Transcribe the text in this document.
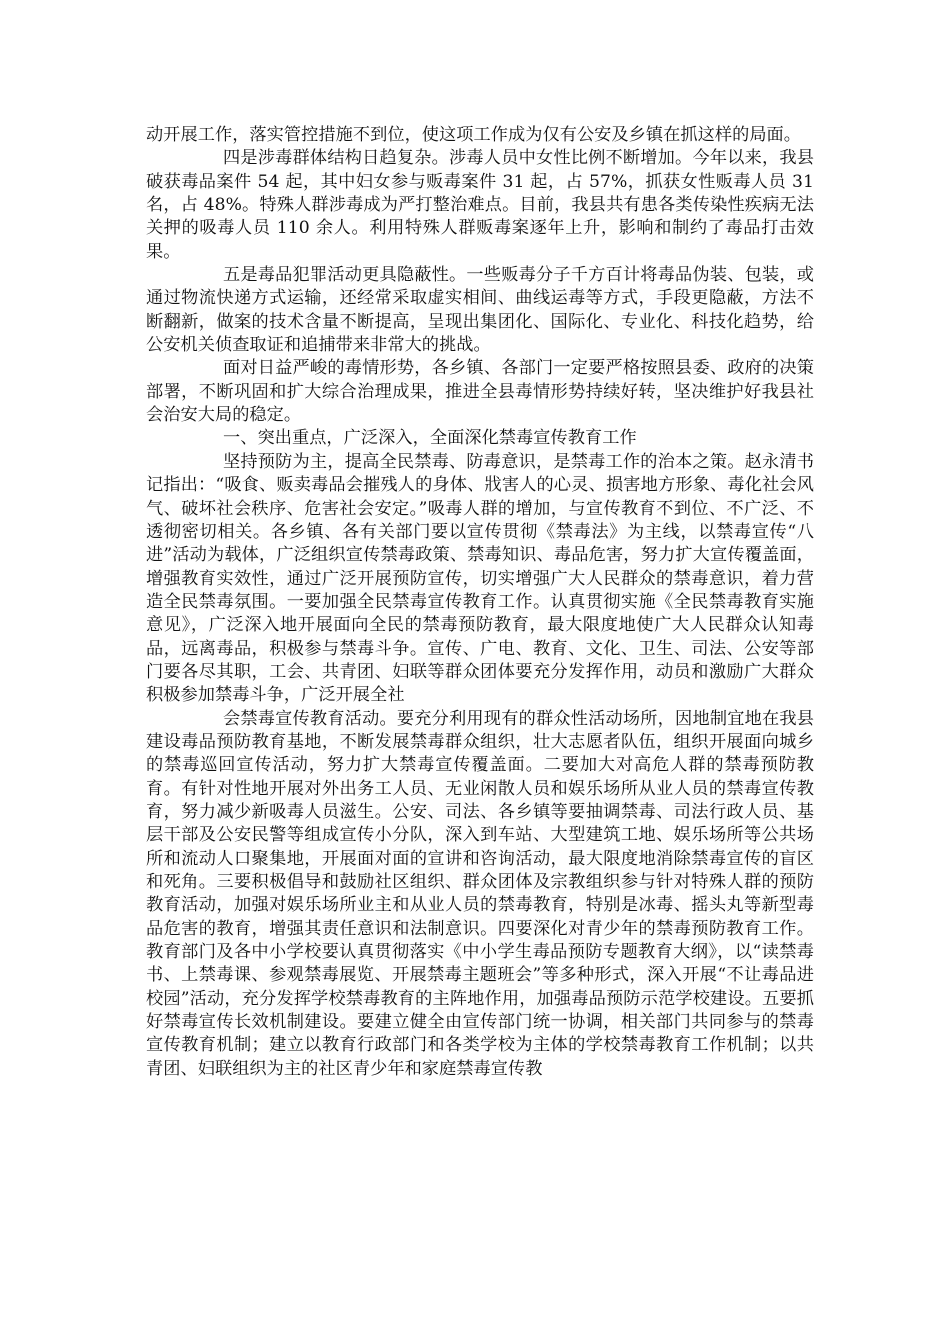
动开展工作，落实管控措施不到位，使这项工作成为仅有公安及乡镇在抓这样的局面。

四是涉毒群体结构日趋复杂。涉毒人员中女性比例不断增加。今年以来，我县破获毒品案件 54 起，其中妇女参与贩毒案件 31 起，占 57%，抓获女性贩毒人员 31 名，占 48%。特殊人群涉毒成为严打整治难点。目前，我县共有患各类传染性疾病无法关押的吸毒人员 110 余人。利用特殊人群贩毒案逐年上升，影响和制约了毒品打击效果。

五是毒品犯罪活动更具隐蔽性。一些贩毒分子千方百计将毒品伪装、包装，或通过物流快递方式运输，还经常采取虚实相间、曲线运毒等方式，手段更隐蔽，方法不断翻新，做案的技术含量不断提高，呈现出集团化、国际化、专业化、科技化趋势，给公安机关侦查取证和追捕带来非常大的挑战。

面对日益严峻的毒情形势，各乡镇、各部门一定要严格按照县委、政府的决策部署，不断巩固和扩大综合治理成果，推进全县毒情形势持续好转，坚决维护好我县社会治安大局的稳定。

一、突出重点，广泛深入，全面深化禁毒宣传教育工作

坚持预防为主，提高全民禁毒、防毒意识，是禁毒工作的治本之策。赵永清书记指出：“吸食、贩卖毒品会摧残人的身体、戕害人的心灵、损害地方形象、毒化社会风气、破坏社会秩序、危害社会安定。”吸毒人群的增加，与宣传教育不到位、不广泛、不透彻密切相关。各乡镇、各有关部门要以宣传贯彻《禁毒法》为主线，以禁毒宣传“八进”活动为载体，广泛组织宣传禁毒政策、禁毒知识、毒品危害，努力扩大宣传覆盖面，增强教育实效性，通过广泛开展预防宣传，切实增强广大人民群众的禁毒意识，着力营造全民禁毒氛围。一要加强全民禁毒宣传教育工作。认真贯彻实施《全民禁毒教育实施意见》，广泛深入地开展面向全民的禁毒预防教育，最大限度地使广大人民群众认知毒品，远离毒品，积极参与禁毒斗争。宣传、广电、教育、文化、卫生、司法、公安等部门要各尽其职，工会、共青团、妇联等群众团体要充分发挥作用，动员和激励广大群众积极参加禁毒斗争，广泛开展全社

会禁毒宣传教育活动。要充分利用现有的群众性活动场所，因地制宜地在我县建设毒品预防教育基地，不断发展禁毒群众组织，壮大志愿者队伍，组织开展面向城乡的禁毒巡回宣传活动，努力扩大禁毒宣传覆盖面。二要加大对高危人群的禁毒预防教育。有针对性地开展对外出务工人员、无业闲散人员和娱乐场所从业人员的禁毒宣传教育，努力减少新吸毒人员滋生。公安、司法、各乡镇等要抽调禁毒、司法行政人员、基层干部及公安民警等组成宣传小分队，深入到车站、大型建筑工地、娱乐场所等公共场所和流动人口聚集地，开展面对面的宣讲和咨询活动，最大限度地消除禁毒宣传的盲区和死角。三要积极倡导和鼓励社区组织、群众团体及宗教组织参与针对特殊人群的预防教育活动，加强对娱乐场所业主和从业人员的禁毒教育，特别是冰毒、摇头丸等新型毒品危害的教育，增强其责任意识和法制意识。四要深化对青少年的禁毒预防教育工作。教育部门及各中小学校要认真贯彻落实《中小学生毒品预防专题教育大纲》，以“读禁毒书、上禁毒课、参观禁毒展览、开展禁毒主题班会”等多种形式，深入开展“不让毒品进校园”活动，充分发挥学校禁毒教育的主阵地作用，加强毒品预防示范学校建设。五要抓好禁毒宣传长效机制建设。要建立健全由宣传部门统一协调，相关部门共同参与的禁毒宣传教育机制；建立以教育行政部门和各类学校为主体的学校禁毒教育工作机制；以共青团、妇联组织为主的社区青少年和家庭禁毒宣传教
